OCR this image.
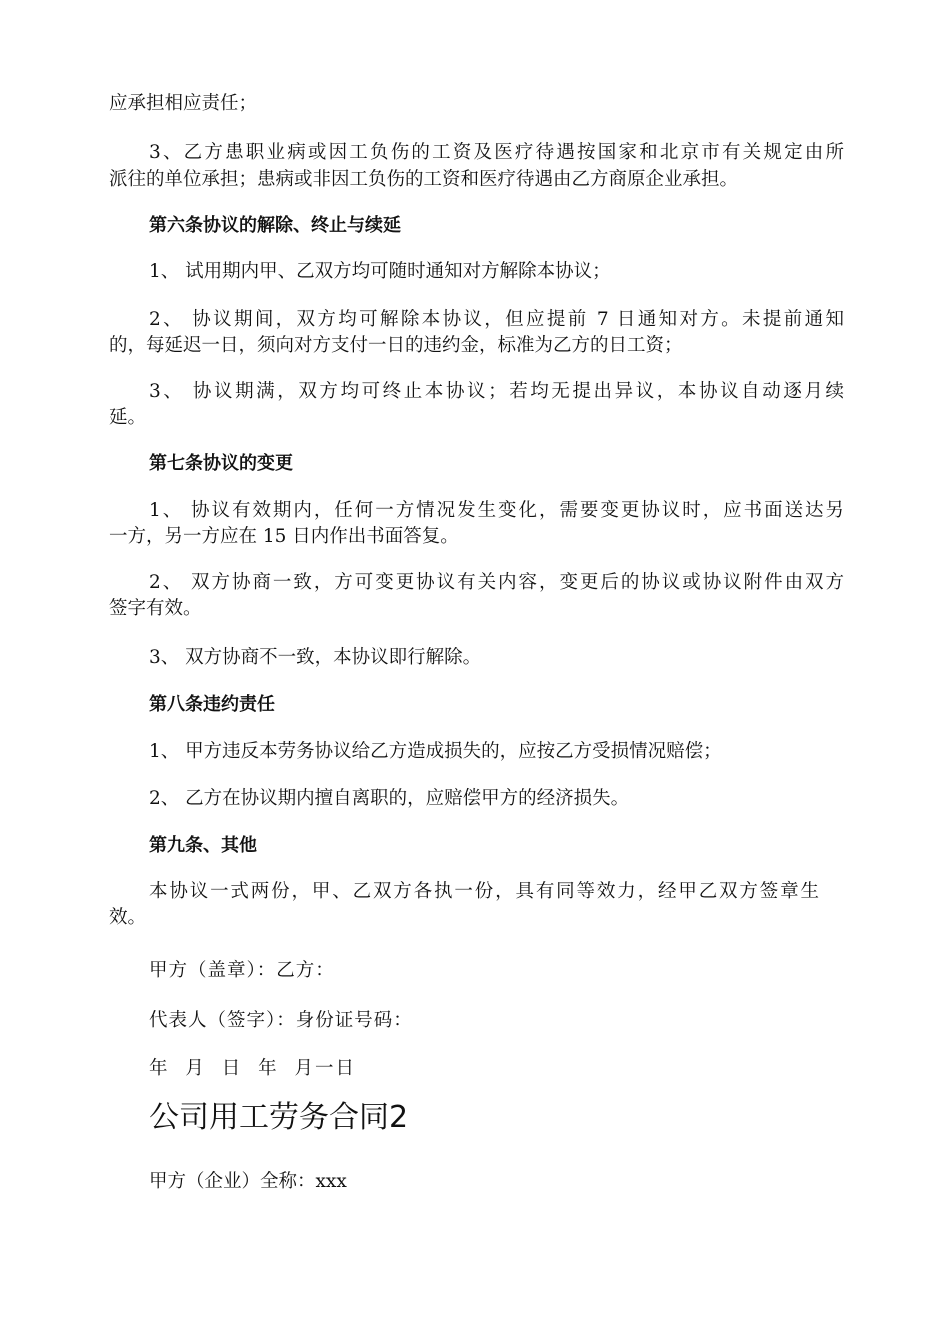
应承担相应责任；
3、乙方患职业病或因工负伤的工资及医疗待遇按国家和北京市有关规定由所
派往的单位承担；患病或非因工负伤的工资和医疗待遇由乙方商原企业承担。
第六条协议的解除、终止与续延
1、 试用期内甲、乙双方均可随时通知对方解除本协议；
2、 协议期间，双方均可解除本协议，但应提前 7 日通知对方。未提前通知
的，每延迟一日，须向对方支付一日的违约金，标准为乙方的日工资；
3、 协议期满，双方均可终止本协议；若均无提出异议，本协议自动逐月续
延。
第七条协议的变更
1、 协议有效期内，任何一方情况发生变化，需要变更协议时，应书面送达另
一方，另一方应在 15 日内作出书面答复。
2、 双方协商一致，方可变更协议有关内容，变更后的协议或协议附件由双方
签字有效。
3、 双方协商不一致，本协议即行解除。
第八条违约责任
1、 甲方违反本劳务协议给乙方造成损失的，应按乙方受损情况赔偿；
2、 乙方在协议期内擅自离职的，应赔偿甲方的经济损失。
第九条、其他
本协议一式两份，甲、乙双方各执一份，具有同等效力，经甲乙双方签章生
效。
甲方（盖章）：乙方：
代表人（签字）：身份证号码：
年 月 日 年 月一日
公司用工劳务合同2
甲方（企业）全称：xxx
